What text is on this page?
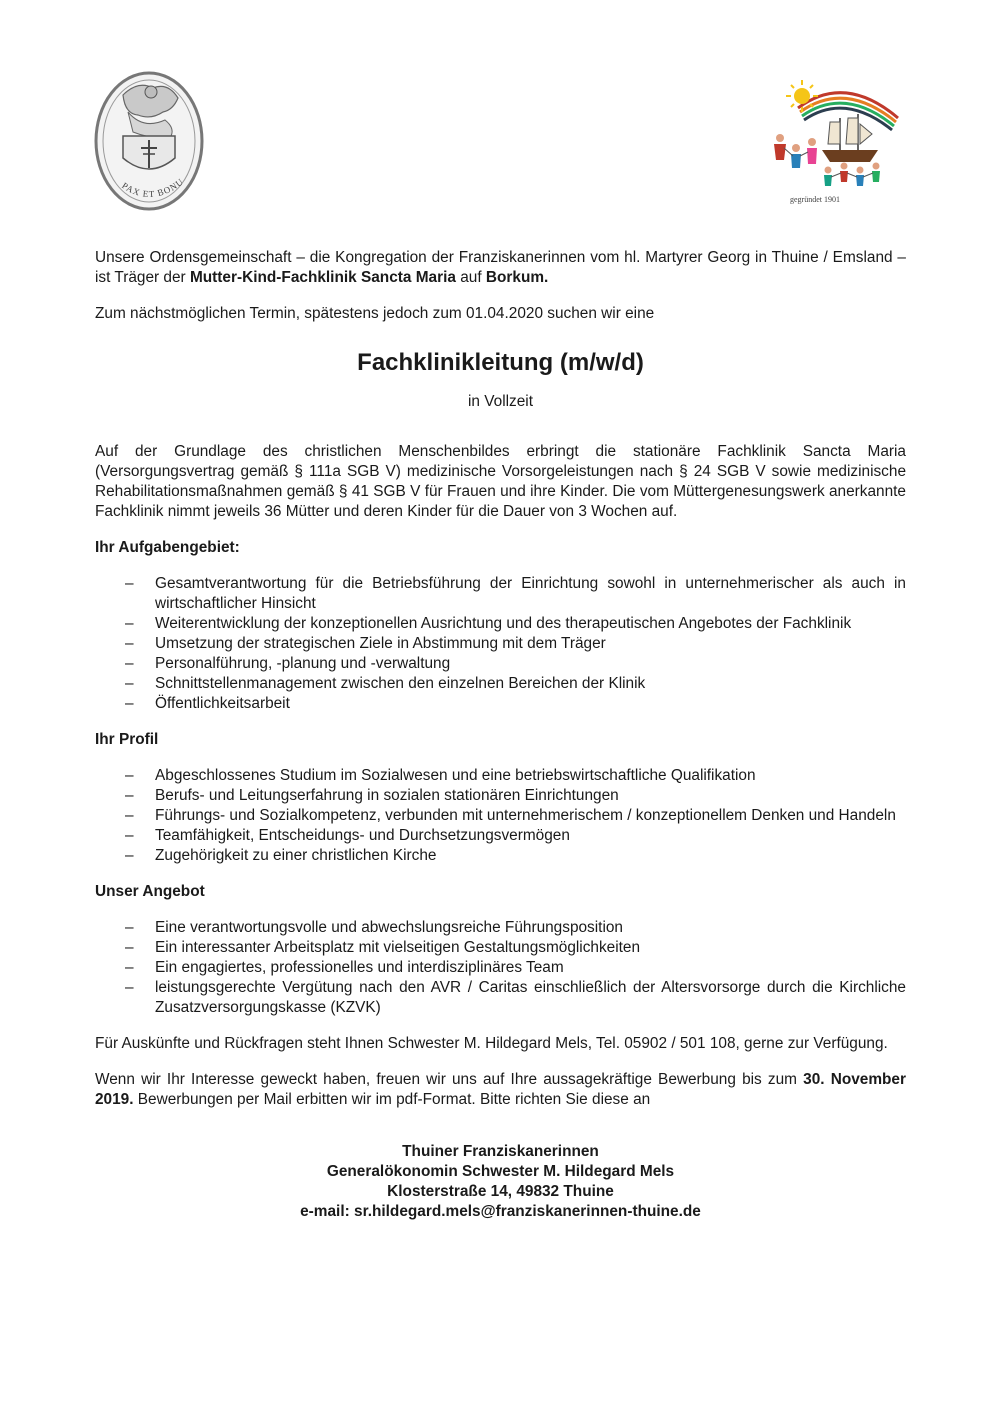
PAX ET BONU
gegründet 1901

Unsere Ordensgemeinschaft – die Kongregation der Franziskanerinnen vom hl. Martyrer Georg in Thuine / Emsland – ist Träger der Mutter-Kind-Fachklinik Sancta Maria auf Borkum.

Zum nächstmöglichen Termin, spätestens jedoch zum 01.04.2020 suchen wir eine

Fachklinikleitung (m/w/d)
in Vollzeit

Auf der Grundlage des christlichen Menschenbildes erbringt die stationäre Fachklinik Sancta Maria (Versorgungsvertrag gemäß § 111a SGB V) medizinische Vorsorgeleistungen nach § 24 SGB V sowie medizinische Rehabilitationsmaßnahmen gemäß § 41 SGB V für Frauen und ihre Kinder. Die vom Müttergenesungswerk anerkannte Fachklinik nimmt jeweils 36 Mütter und deren Kinder für die Dauer von 3 Wochen auf.

Ihr Aufgabengebiet:
– Gesamtverantwortung für die Betriebsführung der Einrichtung sowohl in unternehmerischer als auch in wirtschaftlicher Hinsicht
– Weiterentwicklung der konzeptionellen Ausrichtung und des therapeutischen Angebotes der Fachklinik
– Umsetzung der strategischen Ziele in Abstimmung mit dem Träger
– Personalführung, -planung und -verwaltung
– Schnittstellenmanagement zwischen den einzelnen Bereichen der Klinik
– Öffentlichkeitsarbeit
Ihr Profil
– Abgeschlossenes Studium im Sozialwesen und eine betriebswirtschaftliche Qualifikation
– Berufs- und Leitungserfahrung in sozialen stationären Einrichtungen
– Führungs- und Sozialkompetenz, verbunden mit unternehmerischem / konzeptionellem Denken und Handeln
– Teamfähigkeit, Entscheidungs- und Durchsetzungsvermögen
– Zugehörigkeit zu einer christlichen Kirche
Unser Angebot
– Eine verantwortungsvolle und abwechslungsreiche Führungsposition
– Ein interessanter Arbeitsplatz mit vielseitigen Gestaltungsmöglichkeiten
– Ein engagiertes, professionelles und interdisziplinäres Team
– leistungsgerechte Vergütung nach den AVR / Caritas einschließlich der Altersvorsorge durch die Kirchliche Zusatzversorgungskasse (KZVK)

Für Auskünfte und Rückfragen steht Ihnen Schwester M. Hildegard Mels, Tel. 05902 / 501 108, gerne zur Verfügung.

Wenn wir Ihr Interesse geweckt haben, freuen wir uns auf Ihre aussagekräftige Bewerbung bis zum 30. November 2019. Bewerbungen per Mail erbitten wir im pdf-Format. Bitte richten Sie diese an

Thuiner Franziskanerinnen
Generalökonomin Schwester M. Hildegard Mels
Klosterstraße 14, 49832 Thuine
e-mail: sr.hildegard.mels@franziskanerinnen-thuine.de
